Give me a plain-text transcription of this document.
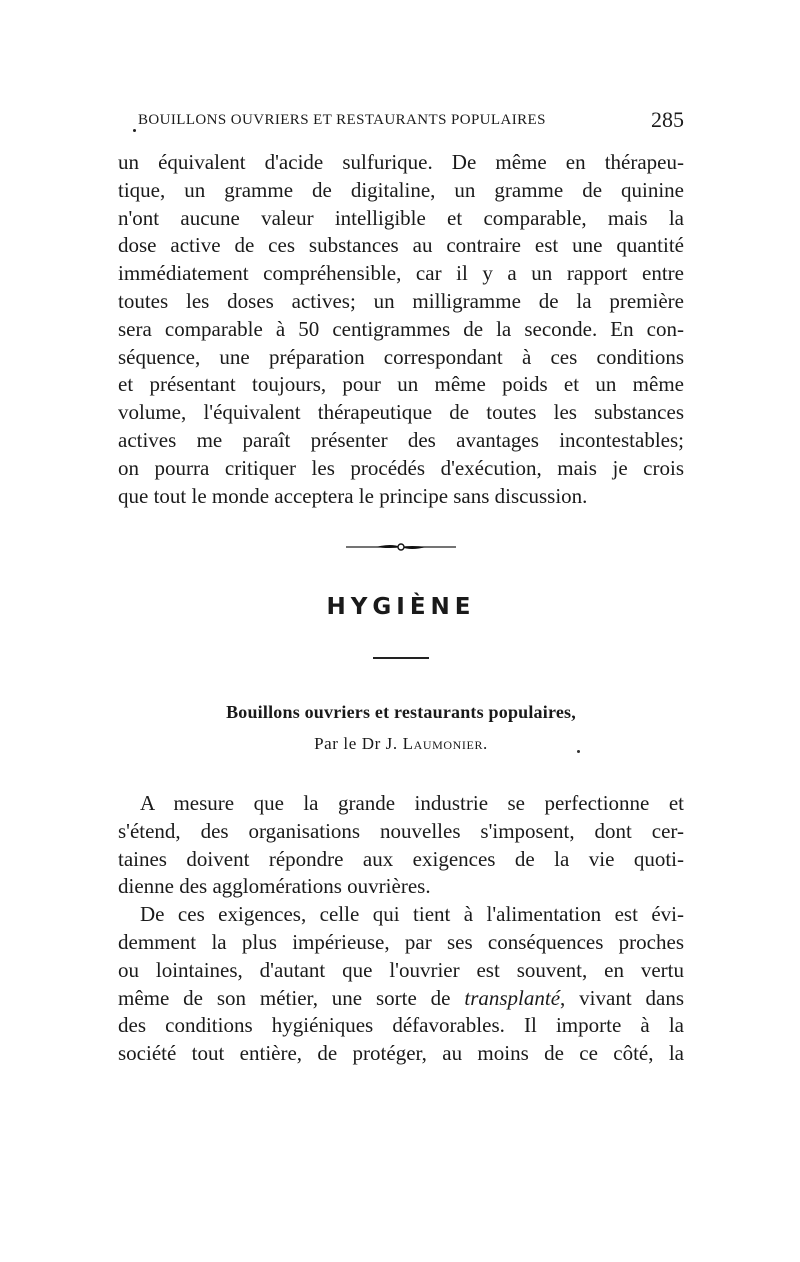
BOUILLONS OUVRIERS ET RESTAURANTS POPULAIRES	285
un équivalent d'acide sulfurique. De même en thérapeu-
tique, un gramme de digitaline, un gramme de quinine
n'ont aucune valeur intelligible et comparable, mais la
dose active de ces substances au contraire est une quantité
immédiatement compréhensible, car il y a un rapport entre
toutes les doses actives; un milligramme de la première
sera comparable à 50 centigrammes de la seconde. En con-
séquence, une préparation correspondant à ces conditions
et présentant toujours, pour un même poids et un même
volume, l'équivalent thérapeutique de toutes les substances
actives me paraît présenter des avantages incontestables;
on pourra critiquer les procédés d'exécution, mais je crois
que tout le monde acceptera le principe sans discussion.
HYGIÈNE
Bouillons ouvriers et restaurants populaires,
Par le Dr J. Laumonier.
A mesure que la grande industrie se perfectionne et
s'étend, des organisations nouvelles s'imposent, dont cer-
taines doivent répondre aux exigences de la vie quoti-
dienne des agglomérations ouvrières.
De ces exigences, celle qui tient à l'alimentation est évi-
demment la plus impérieuse, par ses conséquences proches
ou lointaines, d'autant que l'ouvrier est souvent, en vertu
même de son métier, une sorte de transplanté, vivant dans
des conditions hygiéniques défavorables. Il importe à la
société tout entière, de protéger, au moins de ce côté, la
